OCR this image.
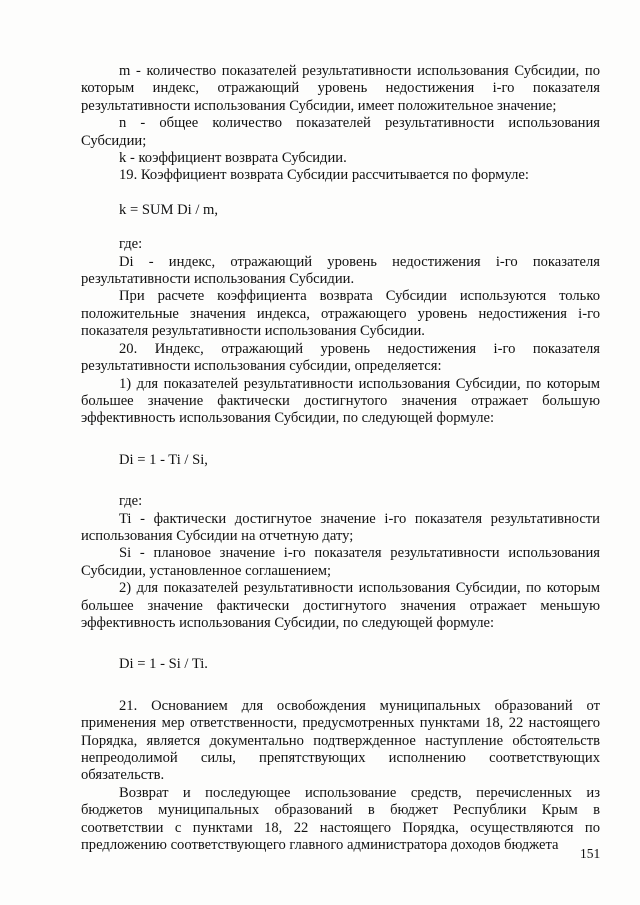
m - количество показателей результативности использования Субсидии, по которым индекс, отражающий уровень недостижения i-го показателя результативности использования Субсидии, имеет положительное значение;

n - общее количество показателей результативности использования Субсидии;

k - коэффициент возврата Субсидии.

19. Коэффициент возврата Субсидии рассчитывается по формуле:

k = SUM Di / m,

где:

Di - индекс, отражающий уровень недостижения i-го показателя результативности использования Субсидии.

При расчете коэффициента возврата Субсидии используются только положительные значения индекса, отражающего уровень недостижения i-го показателя результативности использования Субсидии.

20. Индекс, отражающий уровень недостижения i-го показателя результативности использования субсидии, определяется:

1) для показателей результативности использования Субсидии, по которым большее значение фактически достигнутого значения отражает большую эффективность использования Субсидии, по следующей формуле:

Di = 1 - Ti / Si,

где:

Ti - фактически достигнутое значение i-го показателя результативности использования Субсидии на отчетную дату;

Si - плановое значение i-го показателя результативности использования Субсидии, установленное соглашением;

2) для показателей результативности использования Субсидии, по которым большее значение фактически достигнутого значения отражает меньшую эффективность использования Субсидии, по следующей формуле:

Di = 1 - Si / Ti.

21. Основанием для освобождения муниципальных образований от применения мер ответственности, предусмотренных пунктами 18, 22 настоящего Порядка, является документально подтвержденное наступление обстоятельств непреодолимой силы, препятствующих исполнению соответствующих обязательств.

Возврат и последующее использование средств, перечисленных из бюджетов муниципальных образований в бюджет Республики Крым в соответствии с пунктами 18, 22 настоящего Порядка, осуществляются по предложению соответствующего главного администратора доходов бюджета

151
